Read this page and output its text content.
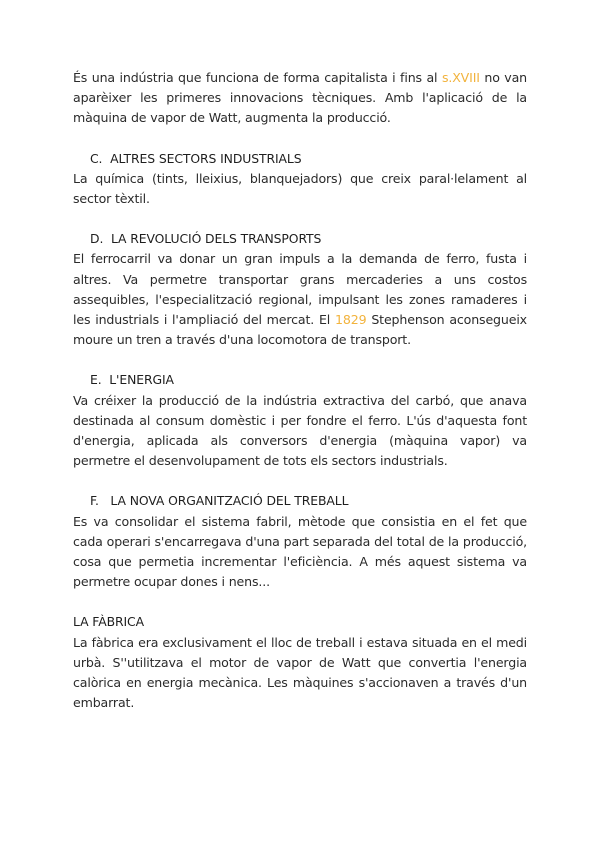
És una indústria que funciona de forma capitalista i fins al s.XVIII no van aparèixer les primeres innovacions tècniques. Amb l'aplicació de la màquina de vapor de Watt, augmenta la producció.

C.  ALTRES SECTORS INDUSTRIALS

La química (tints, lleixius, blanquejadors) que creix paral·lelament al sector tèxtil.

D.  LA REVOLUCIÓ DELS TRANSPORTS

El ferrocarril va donar un gran impuls a la demanda de ferro, fusta i altres. Va permetre transportar grans mercaderies a uns costos assequibles, l'especialització regional, impulsant les zones ramaderes i les industrials i l'ampliació del mercat. El 1829 Stephenson aconsegueix moure un tren a través d'una locomotora de transport.

E.  L'ENERGIA

Va créixer la producció de la indústria extractiva del carbó, que anava destinada al consum domèstic i per fondre el ferro. L'ús d'aquesta font d'energia, aplicada als conversors d'energia (màquina vapor) va permetre el desenvolupament de tots els sectors industrials.

F.   LA NOVA ORGANITZACIÓ DEL TREBALL

Es va consolidar el sistema fabril, mètode que consistia en el fet que cada operari s'encarregava d'una part separada del total de la producció, cosa que permetia incrementar l'eficiència. A més aquest sistema va permetre ocupar dones i nens...

LA FÀBRICA

La fàbrica era exclusivament el lloc de treball i estava situada en el medi urbà. S''utilitzava el motor de vapor de Watt que convertia l'energia calòrica en energia mecànica. Les màquines s'accionaven a través d'un embarrat.
